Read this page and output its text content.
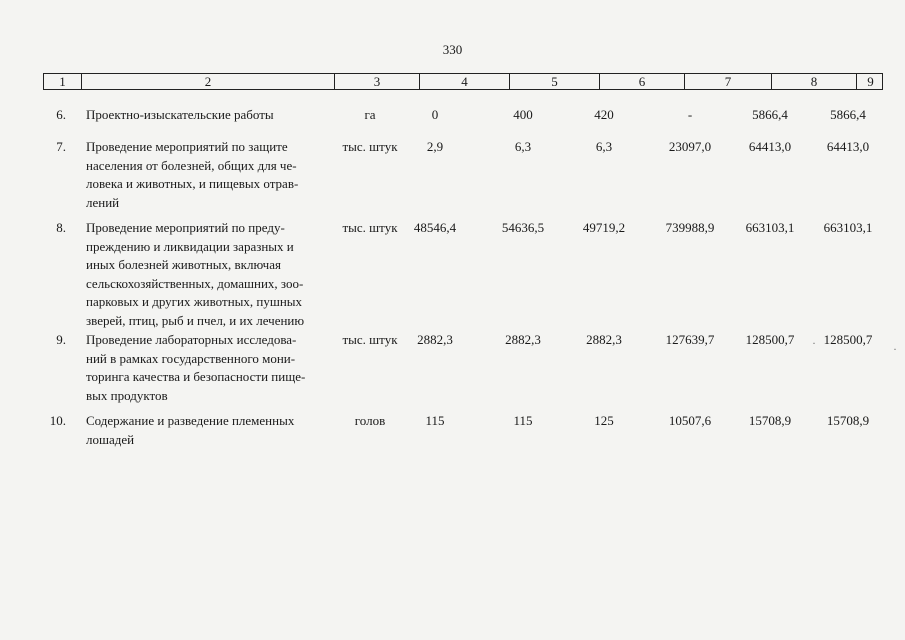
330
1	2	3	4	5	6	7	8	9
6. Проектно-изыскательские работы	га	0	400	420	-	5866,4	5866,4
7. Проведение мероприятий по защите
населения от болезней, общих для че-
ловека и животных, и пищевых отрав-
лений
тыс. штук	2,9	6,3	6,3	23097,0	64413,0	64413,0
8. Проведение мероприятий по преду-
преждению и ликвидации заразных и
иных болезней животных, включая
сельскохозяйственных, домашних, зоо-
парковых и других животных, пушных
зверей, птиц, рыб и пчел, и их лечению
тыс. штук	48546,4	54636,5	49719,2	739988,9	663103,1	663103,1
9. Проведение лабораторных исследова-
ний в рамках государственного мони-
торинга качества и безопасности пище-
вых продуктов
тыс. штук	2882,3	2882,3	2882,3	127639,7	128500,7	128500,7
10. Содержание и разведение племенных
лошадей
голов	115	115	125	10507,6	15708,9	15708,9
·	·
